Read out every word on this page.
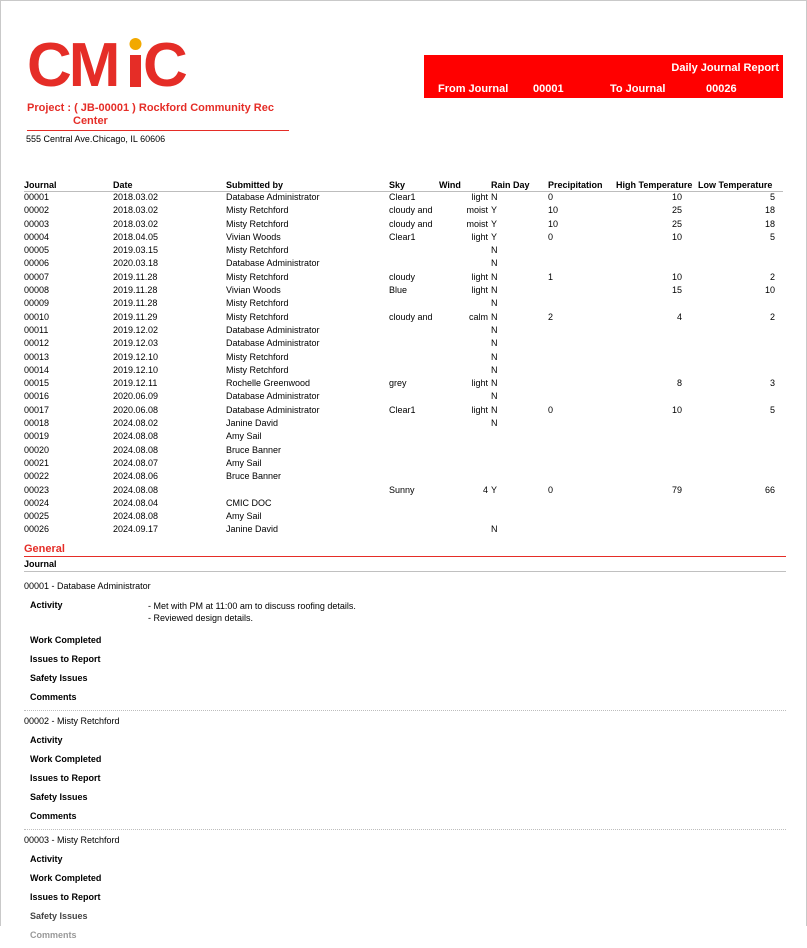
CM C	Daily Journal Report
From Journal 00001	To Journal	00026
Project : ( JB-00001 ) Rockford Community Rec
Center
555 Central Ave.Chicago, IL 60606
Journal	Date	Submitted by	Sky	Wind	Rain Day	Precipitation	High Temperature	Low Temperature
00001	2018.03.02	Database Administrator	Clear1	light	N	0	10	5
00002	2018.03.02	Misty Retchford	cloudy and	moist	Y	10	25	18
00003	2018.03.02	Misty Retchford	cloudy and	moist	Y	10	25	18
00004	2018.04.05	Vivian Woods	Clear1	light	Y	0	10	5
00005	2019.03.15	Misty Retchford			N			
00006	2020.03.18	Database Administrator			N			
00007	2019.11.28	Misty Retchford	cloudy	light	N	1	10	2
00008	2019.11.28	Vivian Woods	Blue	light	N		15	10
00009	2019.11.28	Misty Retchford			N			
00010	2019.11.29	Misty Retchford	cloudy and	calm	N	2	4	2
00011	2019.12.02	Database Administrator			N			
00012	2019.12.03	Database Administrator			N			
00013	2019.12.10	Misty Retchford			N			
00014	2019.12.10	Misty Retchford			N			
00015	2019.12.11	Rochelle Greenwood	grey	light	N		8	3
00016	2020.06.09	Database Administrator			N			
00017	2020.06.08	Database Administrator	Clear1	light	N	0	10	5
00018	2024.08.02	Janine David			N			
00019	2024.08.08	Amy Sail						
00020	2024.08.08	Bruce Banner						
00021	2024.08.07	Amy Sail						
00022	2024.08.06	Bruce Banner						
00023	2024.08.08		Sunny	4	Y	0	79	66
00024	2024.08.04	CMIC DOC						
00025	2024.08.08	Amy Sail						
00026	2024.09.17	Janine David			N			
General
Journal
00001 - Database Administrator
Activity	- Met with PM at 11:00 am to discuss roofing details.
- Reviewed design details.
Work Completed
Issues to Report
Safety Issues
Comments
00002 - Misty Retchford
Activity
Work Completed
Issues to Report
Safety Issues
Comments
00003 - Misty Retchford
Activity
Work Completed
Issues to Report
Safety Issues
Comments
